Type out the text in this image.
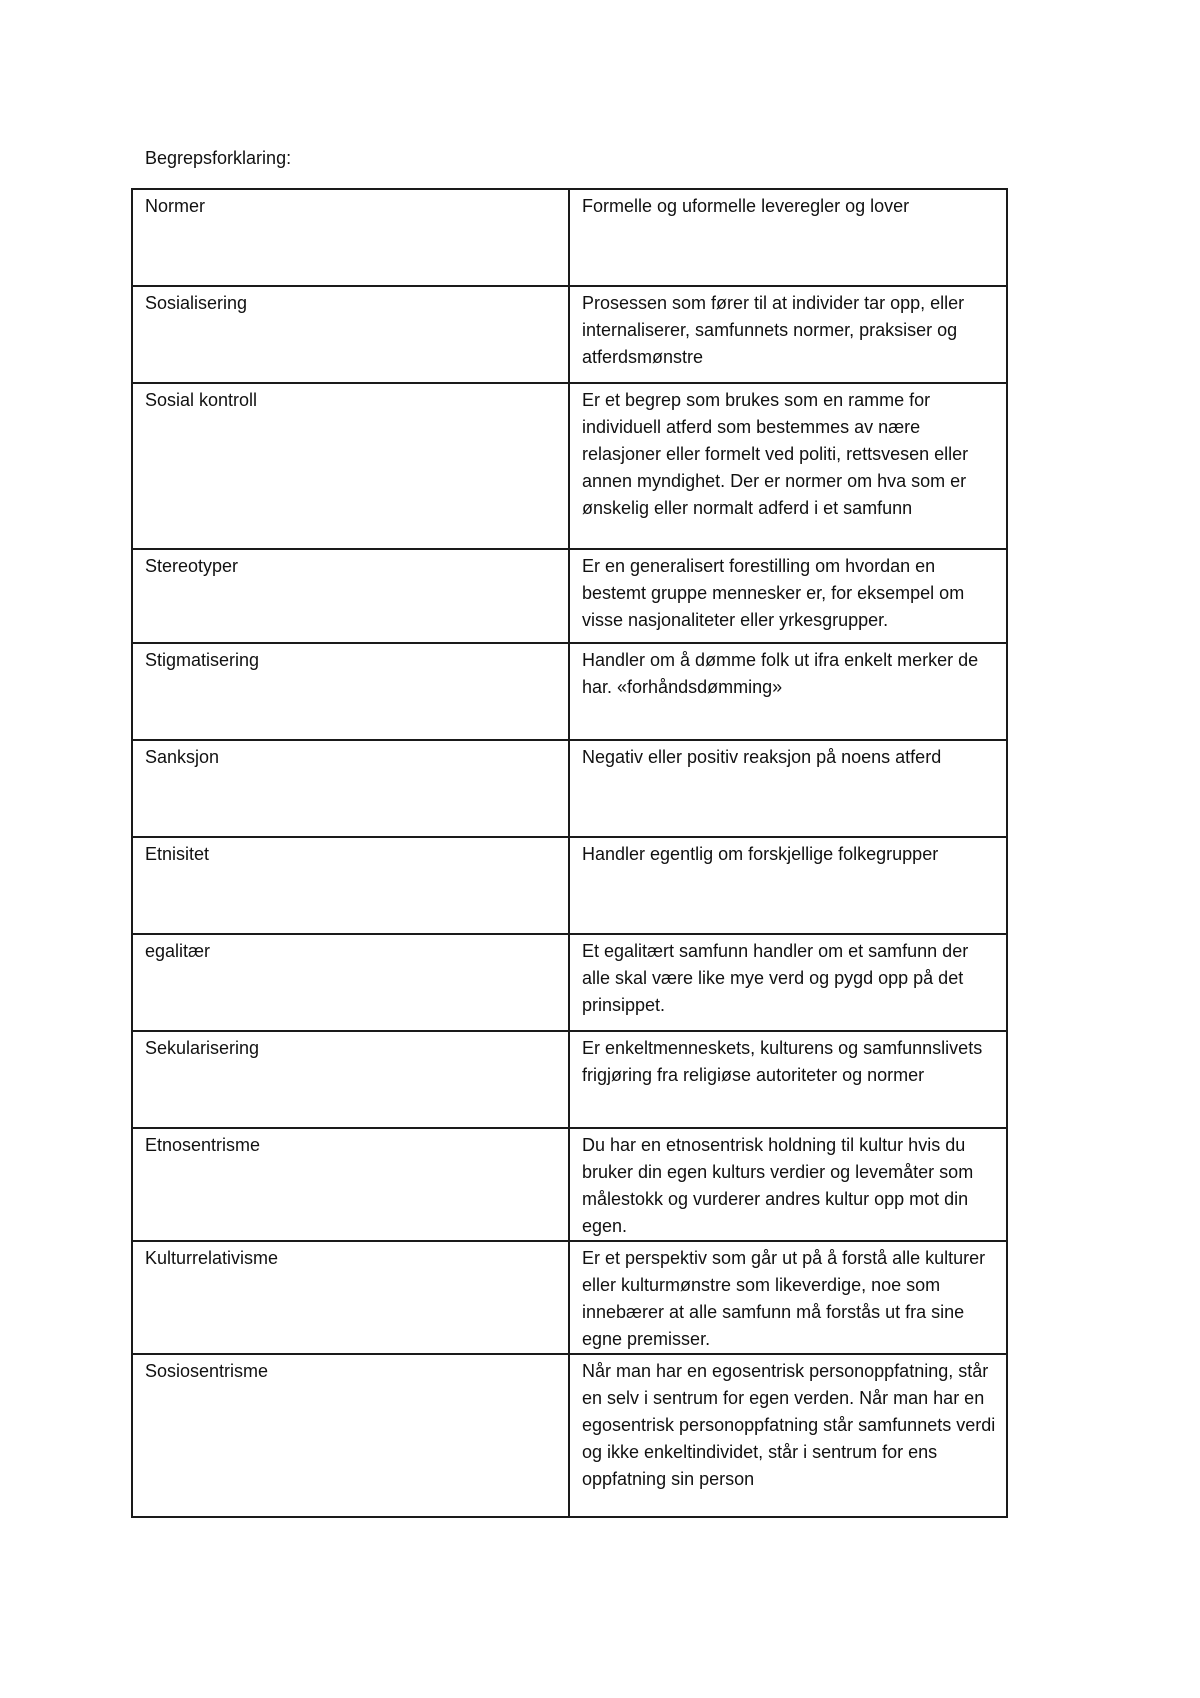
Begrepsforklaring:
Normer	Formelle og uformelle leveregler og lover
Sosialisering	Prosessen som fører til at individer tar opp, eller internaliserer, samfunnets normer, praksiser og atferdsmønstre
Sosial kontroll	Er et begrep som brukes som en ramme for individuell atferd som bestemmes av nære relasjoner eller formelt ved politi, rettsvesen eller annen myndighet. Der er normer om hva som er ønskelig eller normalt adferd i et samfunn
Stereotyper	Er en generalisert forestilling om hvordan en bestemt gruppe mennesker er, for eksempel om visse nasjonaliteter eller yrkesgrupper.
Stigmatisering	Handler om å dømme folk ut ifra enkelt merker de har. «forhåndsdømming»
Sanksjon	Negativ eller positiv reaksjon på noens atferd
Etnisitet	Handler egentlig om forskjellige folkegrupper
egalitær	Et egalitært samfunn handler om et samfunn der alle skal være like mye verd og pygd opp på det prinsippet.
Sekularisering	Er enkeltmenneskets, kulturens og samfunnslivets frigjøring fra religiøse autoriteter og normer
Etnosentrisme	Du har en etnosentrisk holdning til kultur hvis du bruker din egen kulturs verdier og levemåter som målestokk og vurderer andres kultur opp mot din egen.
Kulturrelativisme	Er et perspektiv som går ut på å forstå alle kulturer eller kulturmønstre som likeverdige, noe som innebærer at alle samfunn må forstås ut fra sine egne premisser.
Sosiosentrisme	Når man har en egosentrisk personoppfatning, står en selv i sentrum for egen verden. Når man har en egosentrisk personoppfatning står samfunnets verdi og ikke enkeltindividet, står i sentrum for ens oppfatning sin person
